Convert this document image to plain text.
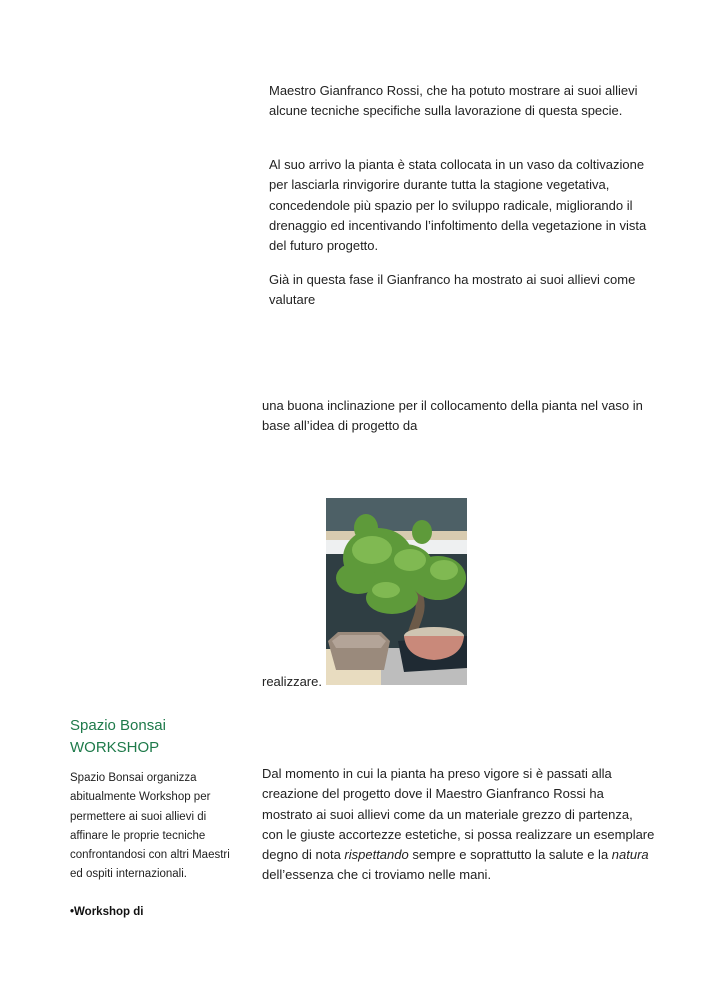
Maestro Gianfranco Rossi, che ha potuto mostrare ai suoi allievi alcune tecniche specifiche sulla lavorazione di questa specie.

Al suo arrivo la pianta è stata collocata in un vaso da coltivazione per lasciarla rinvigorire durante tutta la stagione vegetativa, concedendole più spazio per lo sviluppo radicale, migliorando il drenaggio ed incentivando l’infoltimento della vegetazione in vista del futuro progetto.

Già in questa fase il Gianfranco ha mostrato ai suoi allievi come valutare

una buona inclinazione per il collocamento della pianta nel vaso in base all’idea di progetto da

realizzare.

Dal momento in cui la pianta ha preso vigore si è passati alla creazione del progetto dove il Maestro Gianfranco Rossi ha mostrato ai suoi allievi come da un materiale grezzo di partenza, con le giuste accortezze estetiche, si possa realizzare un esemplare degno di nota rispettando sempre e soprattutto la salute e la natura dell’essenza che ci troviamo nelle mani.

Spazio Bonsai
WORKSHOP

Spazio Bonsai organizza abitualmente Workshop per permettere ai suoi allievi di affinare le proprie tecniche confrontandosi con altri Maestri ed ospiti internazionali.

•Workshop di
